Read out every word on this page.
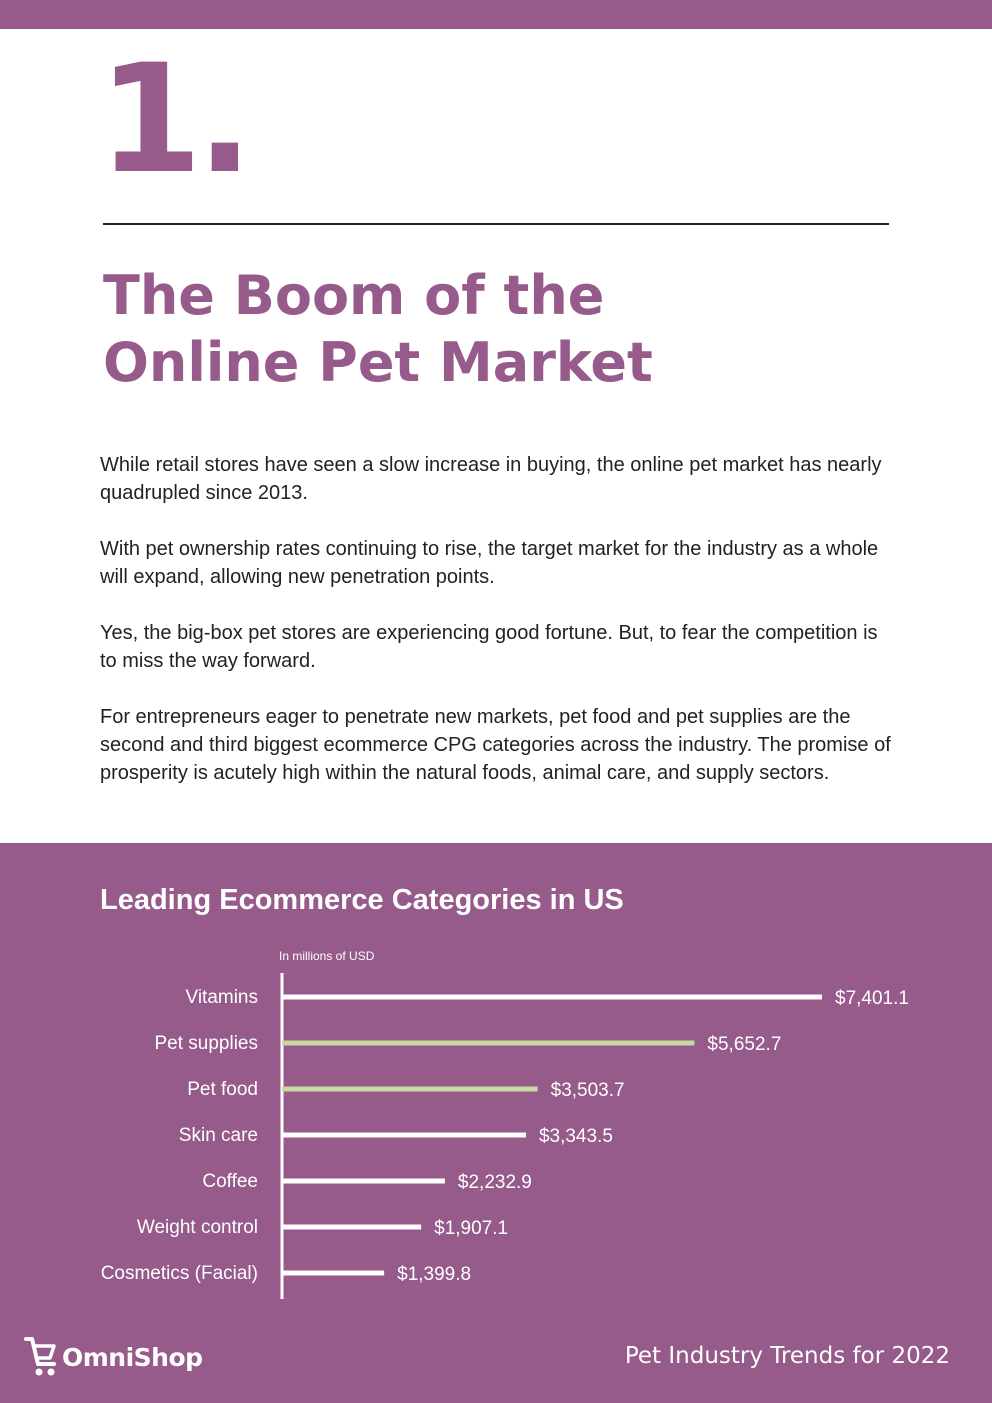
1.
The Boom of the
Online Pet Market

While retail stores have seen a slow increase in buying, the online pet market has nearly quadrupled since 2013.

With pet ownership rates continuing to rise, the target market for the industry as a whole will expand, allowing new penetration points.

Yes, the big-box pet stores are experiencing good fortune. But, to fear the competition is to miss the way forward.

For entrepreneurs eager to penetrate new markets, pet food and pet supplies are the second and third biggest ecommerce CPG categories across the industry. The promise of prosperity is acutely high within the natural foods, animal care, and supply sectors.

Leading Ecommerce Categories in US
In millions of USD
Vitamins	$7,401.1
Pet supplies	$5,652.7
Pet food	$3,503.7
Skin care	$3,343.5
Coffee	$2,232.9
Weight control	$1,907.1
Cosmetics (Facial)	$1,399.8
OmniShop	Pet Industry Trends for 2022
